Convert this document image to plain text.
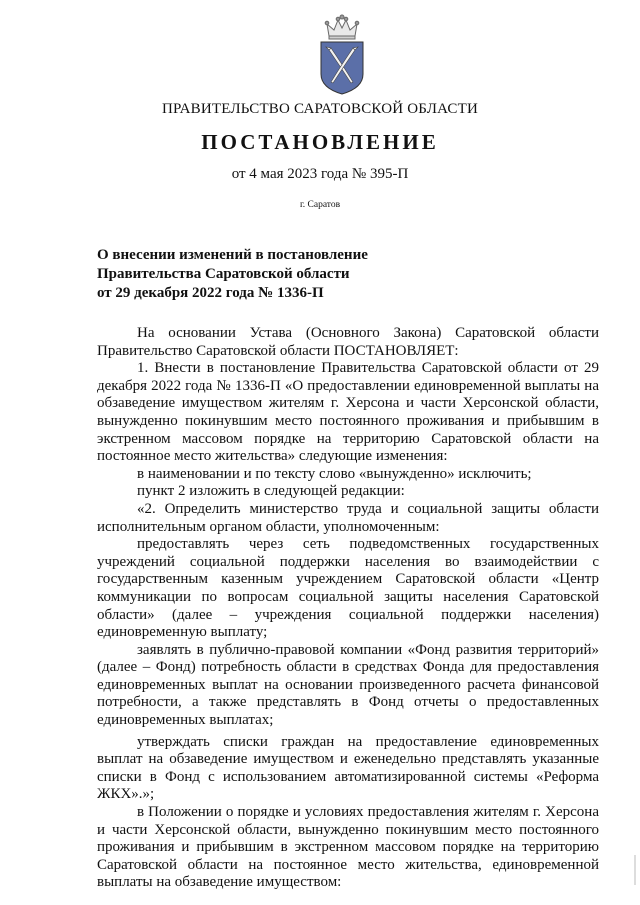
ПРАВИТЕЛЬСТВО САРАТОВСКОЙ ОБЛАСТИ
ПОСТАНОВЛЕНИЕ
от 4 мая 2023 года № 395-П
г. Саратов
О внесении изменений в постановление
Правительства Саратовской области
от 29 декабря 2022 года № 1336-П

На основании Устава (Основного Закона) Саратовской области Правительство Саратовской области ПОСТАНОВЛЯЕТ:

1. Внести в постановление Правительства Саратовской области от 29 декабря 2022 года № 1336-П «О предоставлении единовременной выплаты на обзаведение имуществом жителям г. Херсона и части Херсонской области, вынужденно покинувшим место постоянного проживания и прибывшим в экстренном массовом порядке на территорию Саратовской области на постоянное место жительства» следующие изменения:

в наименовании и по тексту слово «вынужденно» исключить;

пункт 2 изложить в следующей редакции:

«2. Определить министерство труда и социальной защиты области исполнительным органом области, уполномоченным:

предоставлять через сеть подведомственных государственных учреждений социальной поддержки населения во взаимодействии с государственным казенным учреждением Саратовской области «Центр коммуникации по вопросам социальной защиты населения Саратовской области» (далее – учреждения социальной поддержки населения) единовременную выплату;

заявлять в публично-правовой компании «Фонд развития территорий» (далее – Фонд) потребность области в средствах Фонда для предоставления единовременных выплат на основании произведенного расчета финансовой потребности, а также представлять в Фонд отчеты о предоставленных единовременных выплатах;

утверждать списки граждан на предоставление единовременных выплат на обзаведение имуществом и еженедельно представлять указанные списки в Фонд с использованием автоматизированной системы «Реформа ЖКХ».»;

в Положении о порядке и условиях предоставления жителям г. Херсона и части Херсонской области, вынужденно покинувшим место постоянного проживания и прибывшим в экстренном массовом порядке на территорию Саратовской области на постоянное место жительства, единовременной выплаты на обзаведение имуществом:
